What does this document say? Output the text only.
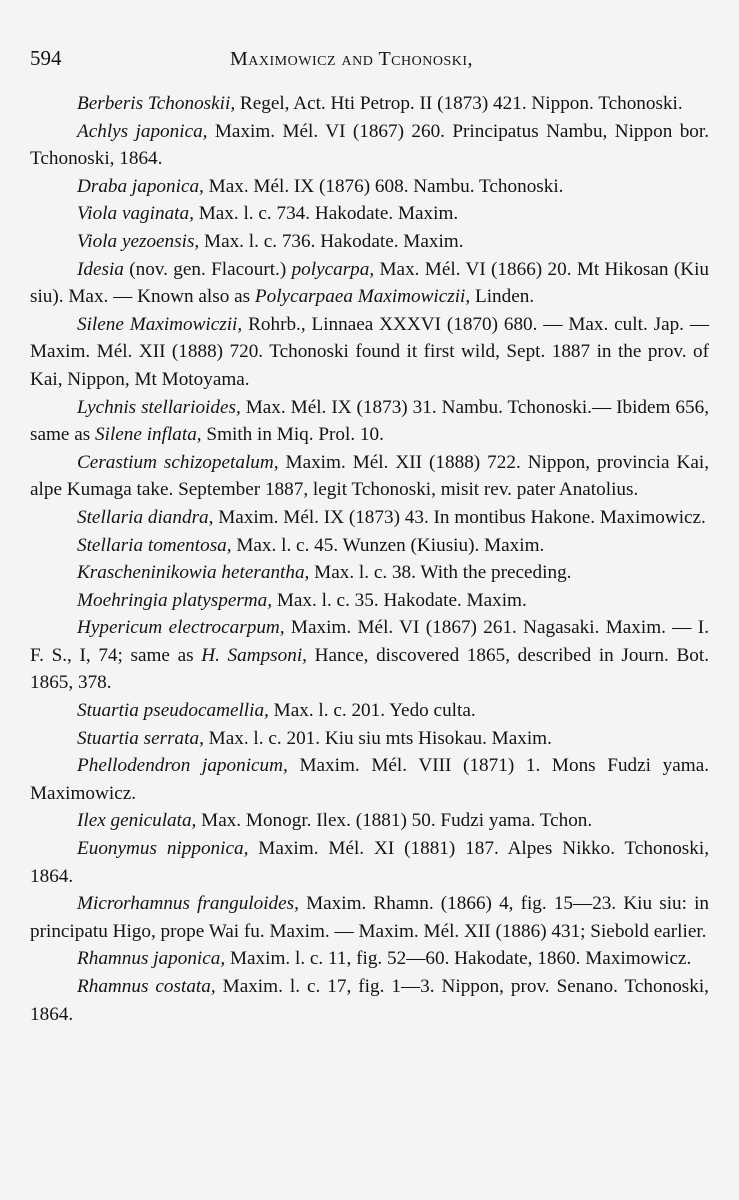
594	Maximowicz and Tchonoski,

Berberis Tchonoskii, Regel, Act. Hti Petrop. II (1873) 421. Nippon. Tchonoski.

Achlys japonica, Maxim. Mél. VI (1867) 260. Principatus Nambu, Nippon bor. Tchonoski, 1864.

Draba japonica, Max. Mél. IX (1876) 608. Nambu. Tchonoski.

Viola vaginata, Max. l. c. 734. Hakodate. Maxim.

Viola yezoensis, Max. l. c. 736. Hakodate. Maxim.

Idesia (nov. gen. Flacourt.) polycarpa, Max. Mél. VI (1866) 20. Mt Hikosan (Kiu siu). Max. — Known also as Polycarpaea Maximowiczii, Linden.

Silene Maximowiczii, Rohrb., Linnaea XXXVI (1870) 680. — Max. cult. Jap. — Maxim. Mél. XII (1888) 720. Tchonoski found it first wild, Sept. 1887 in the prov. of Kai, Nippon, Mt Motoyama.

Lychnis stellarioides, Max. Mél. IX (1873) 31. Nambu. Tchonoski.— Ibidem 656, same as Silene inflata, Smith in Miq. Prol. 10.

Cerastium schizopetalum, Maxim. Mél. XII (1888) 722. Nippon, provincia Kai, alpe Kumaga take. September 1887, legit Tchonoski, misit rev. pater Anatolius.

Stellaria diandra, Maxim. Mél. IX (1873) 43. In montibus Hakone. Maximowicz.

Stellaria tomentosa, Max. l. c. 45. Wunzen (Kiusiu). Maxim.

Krascheninikowia heterantha, Max. l. c. 38. With the preceding.

Moehringia platysperma, Max. l. c. 35. Hakodate. Maxim.

Hypericum electrocarpum, Maxim. Mél. VI (1867) 261. Nagasaki. Maxim. — I. F. S., I, 74; same as H. Sampsoni, Hance, discovered 1865, described in Journ. Bot. 1865, 378.

Stuartia pseudocamellia, Max. l. c. 201. Yedo culta.

Stuartia serrata, Max. l. c. 201. Kiu siu mts Hisokau. Maxim.

Phellodendron japonicum, Maxim. Mél. VIII (1871) 1. Mons Fudzi yama. Maximowicz.

Ilex geniculata, Max. Monogr. Ilex. (1881) 50. Fudzi yama. Tchon.

Euonymus nipponica, Maxim. Mél. XI (1881) 187. Alpes Nikko. Tchonoski, 1864.

Microrhamnus franguloides, Maxim. Rhamn. (1866) 4, fig. 15—23. Kiu siu: in principatu Higo, prope Wai fu. Maxim. — Maxim. Mél. XII (1886) 431; Siebold earlier.

Rhamnus japonica, Maxim. l. c. 11, fig. 52—60. Hakodate, 1860. Maximowicz.

Rhamnus costata, Maxim. l. c. 17, fig. 1—3. Nippon, prov. Senano. Tchonoski, 1864.
